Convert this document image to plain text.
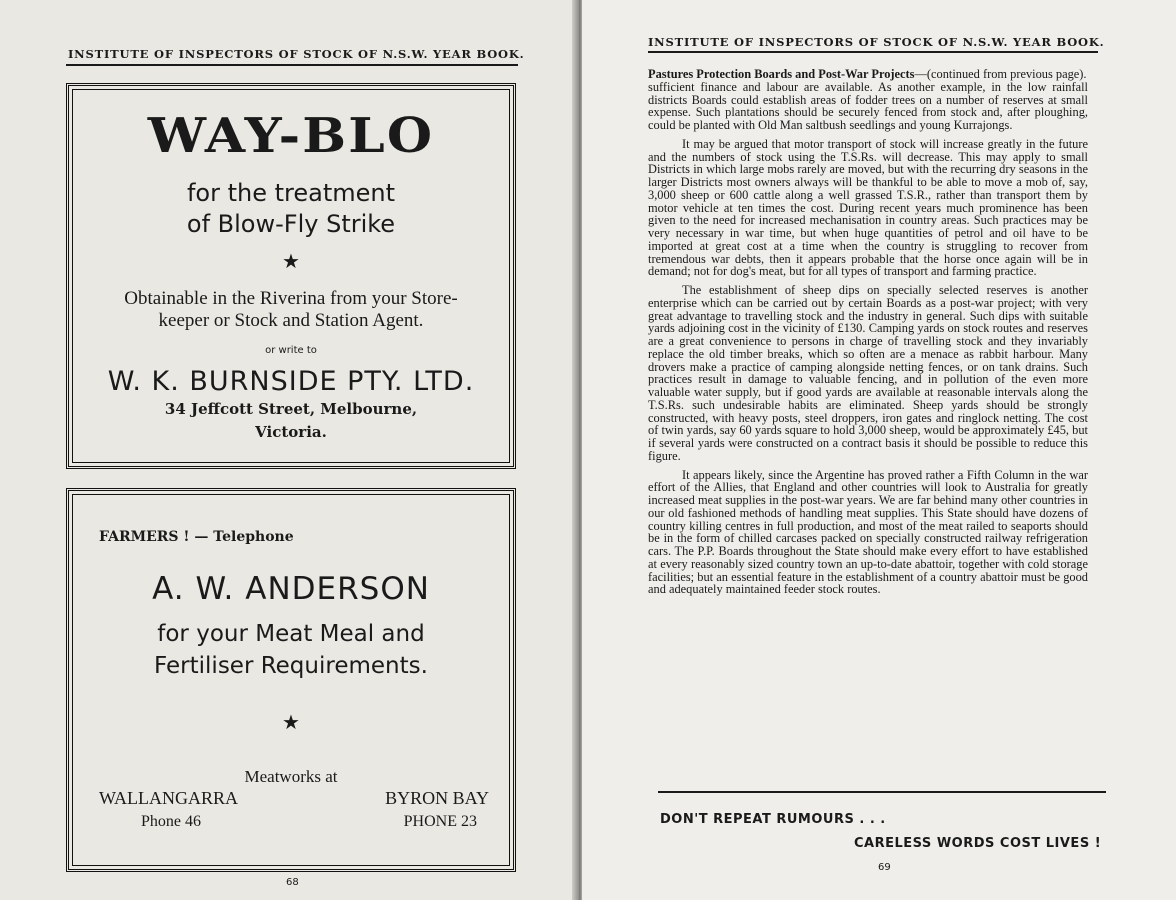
INSTITUTE OF INSPECTORS OF STOCK OF N.S.W. YEAR BOOK.
WAY-BLO
for the treatment
of Blow-Fly Strike
★
Obtainable in the Riverina from your Store-
keeper or Stock and Station Agent.
or write to
W. K. BURNSIDE PTY. LTD.
34 Jeffcott Street, Melbourne,
Victoria.
FARMERS ! — Telephone
A. W. ANDERSON
for your Meat Meal and
Fertiliser Requirements.
★
Meatworks at
WALLANGARRA
Phone 46
BYRON BAY
PHONE 23
68
INSTITUTE OF INSPECTORS OF STOCK OF N.S.W. YEAR BOOK.

Pastures Protection Boards and Post-War Projects—(continued from previous page).

sufficient finance and labour are available. As another example, in the low rainfall districts Boards could establish areas of fodder trees on a number of reserves at small expense. Such plantations should be securely fenced from stock and, after ploughing, could be planted with Old Man saltbush seedlings and young Kurrajongs.

It may be argued that motor transport of stock will increase greatly in the future and the numbers of stock using the T.S.Rs. will decrease. This may apply to small Districts in which large mobs rarely are moved, but with the recurring dry seasons in the larger Districts most owners always will be thankful to be able to move a mob of, say, 3,000 sheep or 600 cattle along a well grassed T.S.R., rather than transport them by motor vehicle at ten times the cost. During recent years much prominence has been given to the need for increased mechanisation in country areas. Such practices may be very necessary in war time, but when huge quantities of petrol and oil have to be imported at great cost at a time when the country is struggling to recover from tremendous war debts, then it appears probable that the horse once again will be in demand; not for dog's meat, but for all types of transport and farming practice.

The establishment of sheep dips on specially selected reserves is another enterprise which can be carried out by certain Boards as a post-war project; with very great advantage to travelling stock and the industry in general. Such dips with suitable yards adjoining cost in the vicinity of £130. Camping yards on stock routes and reserves are a great convenience to persons in charge of travelling stock and they invariably replace the old timber breaks, which so often are a menace as rabbit harbour. Many drovers make a practice of camping alongside netting fences, or on tank drains. Such practices result in damage to valuable fencing, and in pollution of the even more valuable water supply, but if good yards are available at reasonable intervals along the T.S.Rs. such undesirable habits are eliminated. Sheep yards should be strongly constructed, with heavy posts, steel droppers, iron gates and ringlock netting. The cost of twin yards, say 60 yards square to hold 3,000 sheep, would be approximately £45, but if several yards were constructed on a contract basis it should be possible to reduce this figure.

It appears likely, since the Argentine has proved rather a Fifth Column in the war effort of the Allies, that England and other countries will look to Australia for greatly increased meat supplies in the post-war years. We are far behind many other countries in our old fashioned methods of handling meat supplies. This State should have dozens of country killing centres in full production, and most of the meat railed to seaports should be in the form of chilled carcases packed on specially constructed railway refrigeration cars. The P.P. Boards throughout the State should make every effort to have established at every reasonably sized country town an up-to-date abattoir, together with cold storage facilities; but an essential feature in the establishment of a country abattoir must be good and adequately maintained feeder stock routes.

DON'T REPEAT RUMOURS . . .
CARELESS WORDS COST LIVES !
69
